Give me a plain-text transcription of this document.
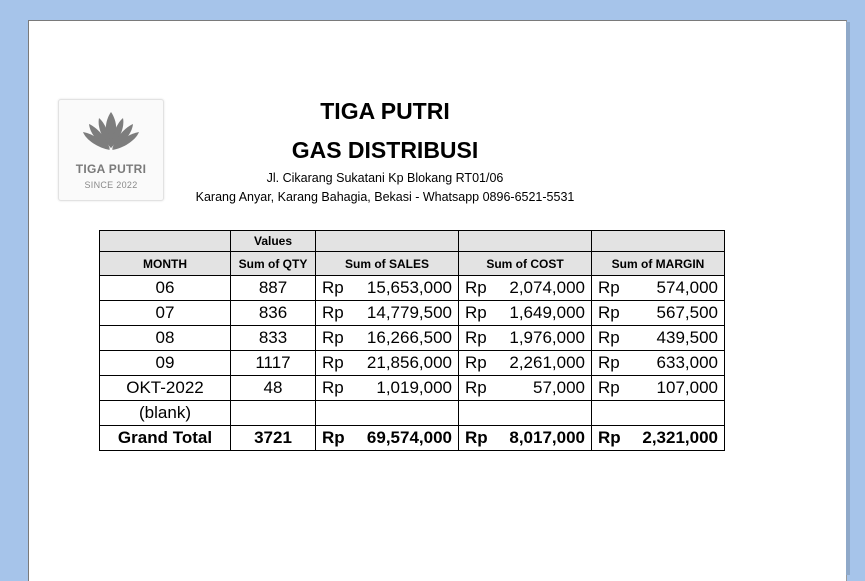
TIGA PUTRI
SINCE 2022
TIGA PUTRI
GAS DISTRIBUSI
Jl. Cikarang Sukatani Kp Blokang RT01/06
Karang Anyar, Karang Bahagia, Bekasi - Whatsapp 0896-6521-5531
	Values			
MONTH	Sum of QTY	Sum of SALES	Sum of COST	Sum of MARGIN
06	887	Rp 15,653,000	Rp 2,074,000	Rp 574,000

07	836	Rp 14,779,500	Rp 1,649,000	Rp 567,500

08	833	Rp 16,266,500	Rp 1,976,000	Rp 439,500

09	1117	Rp 21,856,000	Rp 2,261,000	Rp 633,000

OKT-2022	48	Rp 1,019,000	Rp 57,000	Rp 107,000

(blank)				
Grand Total	3721	Rp 69,574,000	Rp 8,017,000	Rp 2,321,000
